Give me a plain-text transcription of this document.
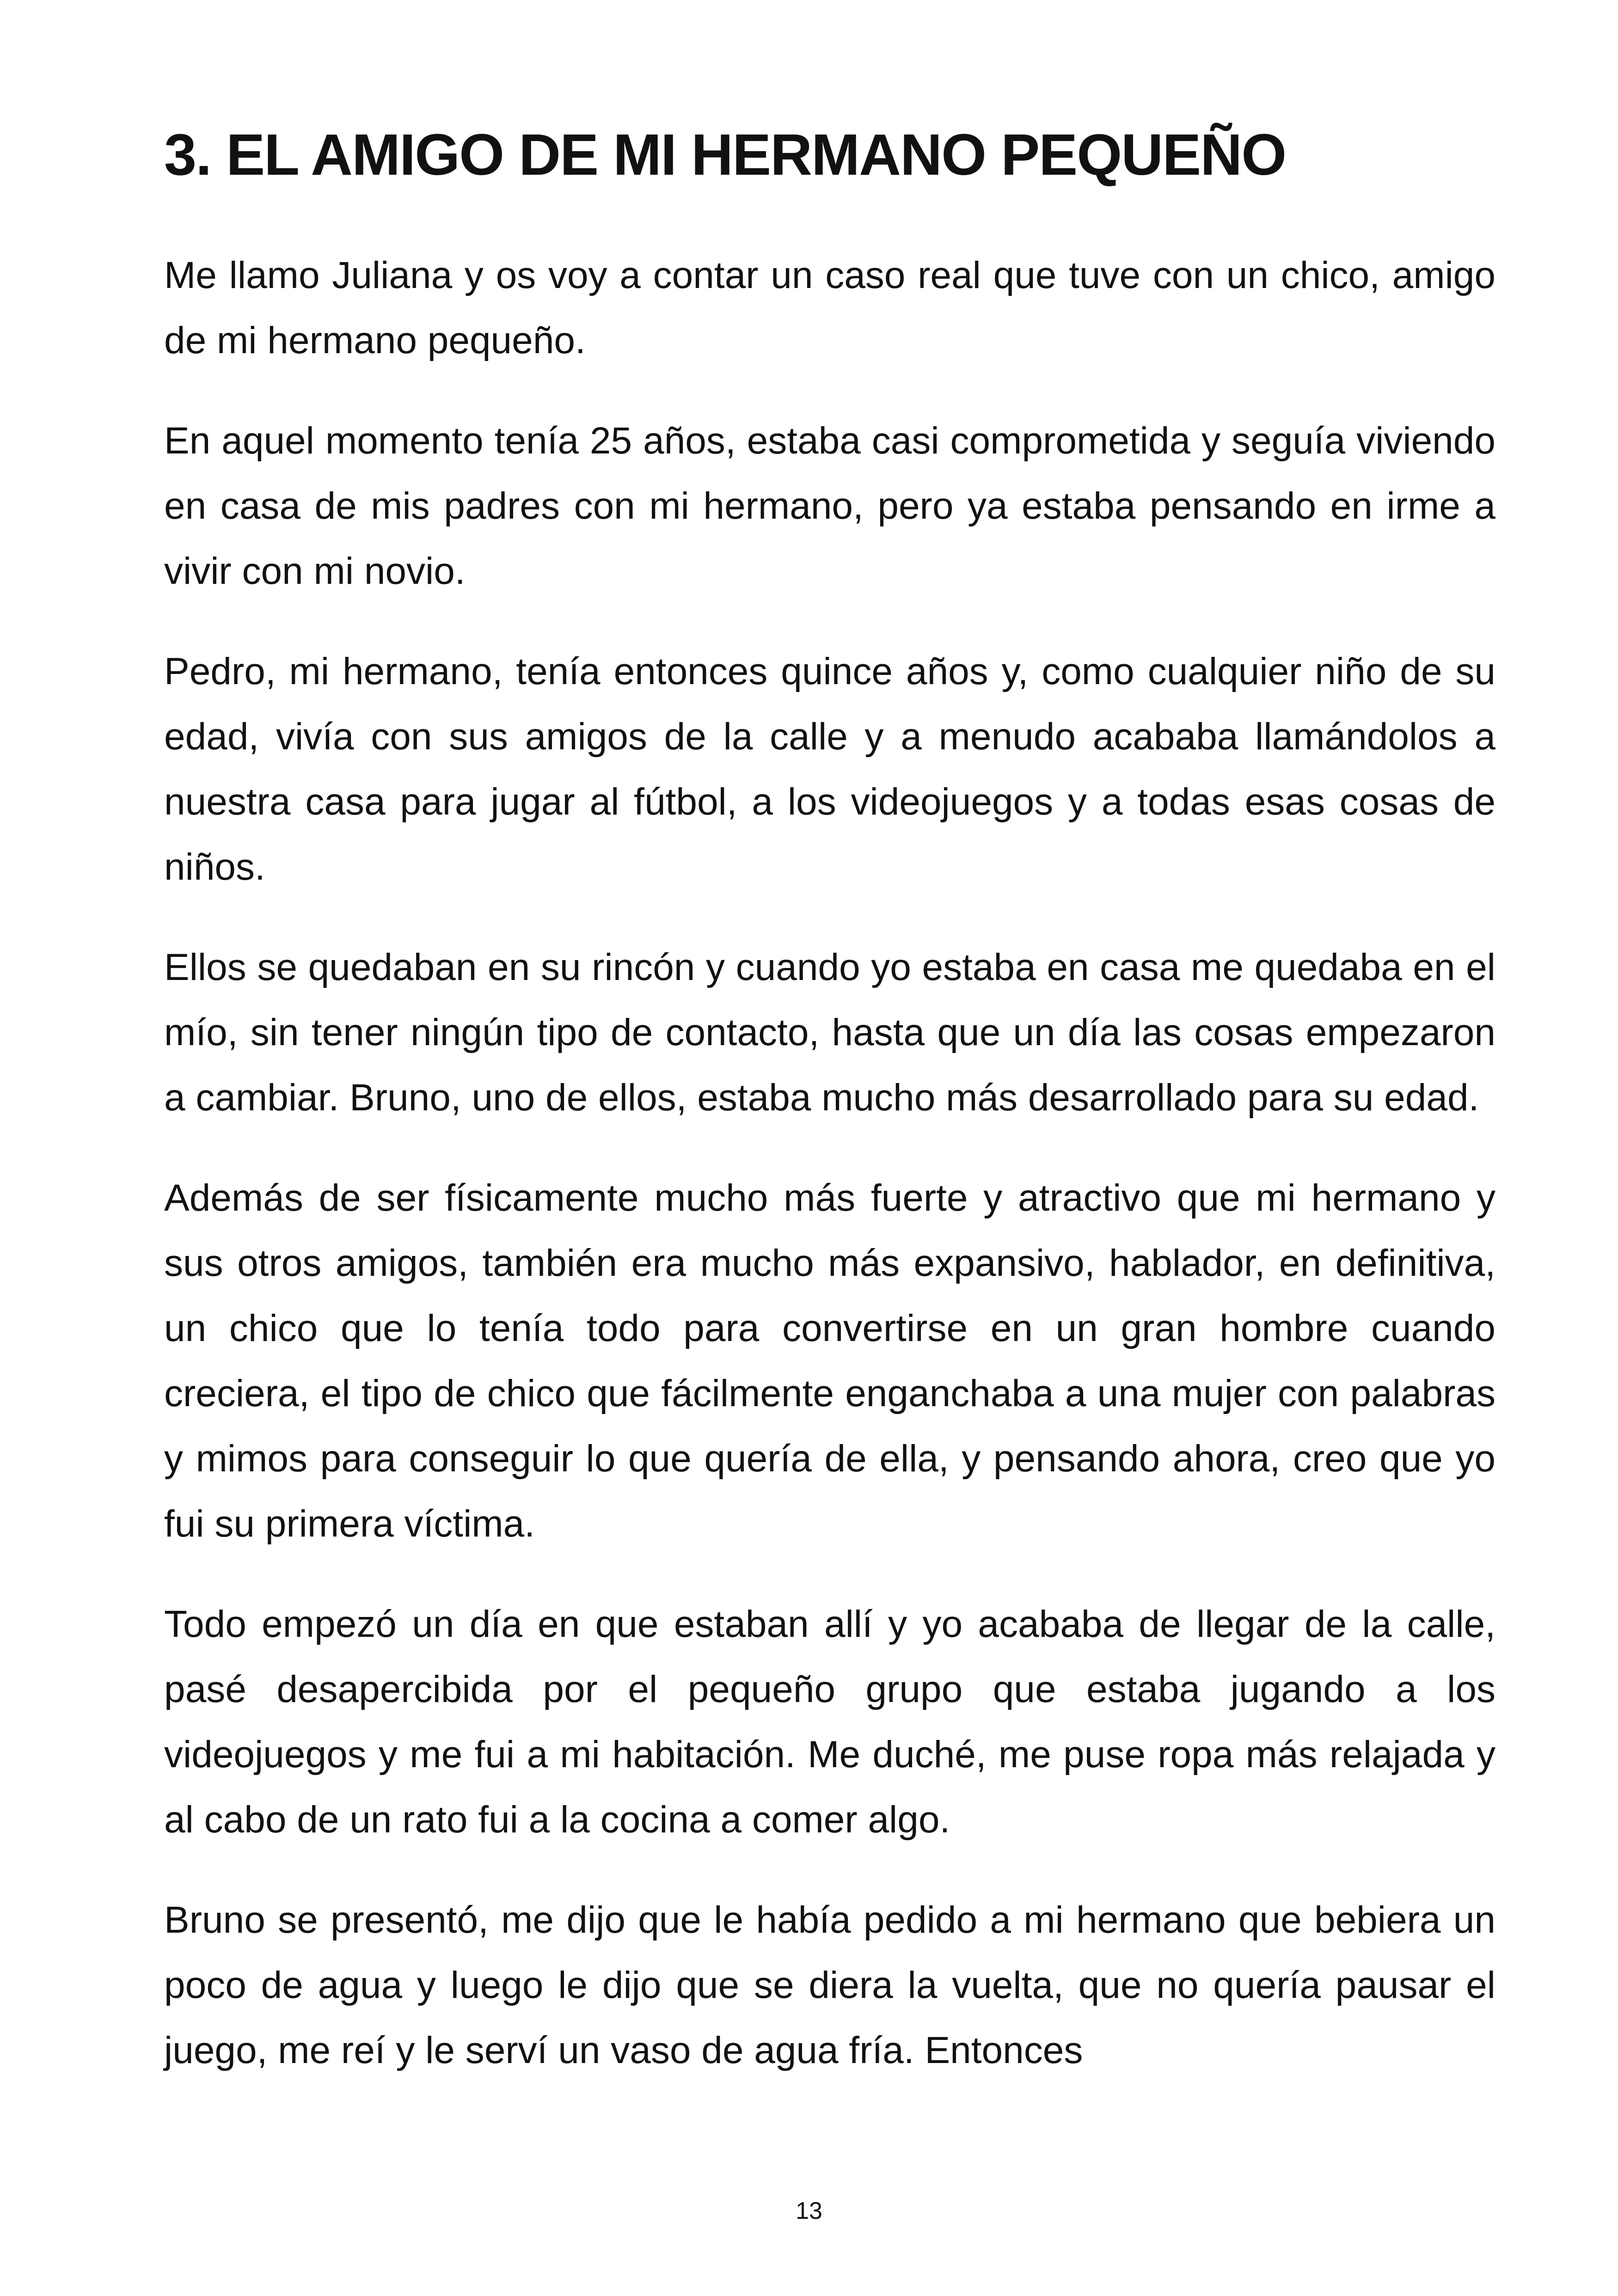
3. EL AMIGO DE MI HERMANO PEQUEÑO

Me llamo Juliana y os voy a contar un caso real que tuve con un chico, amigo de mi hermano pequeño.

En aquel momento tenía 25 años, estaba casi comprometida y seguía viviendo en casa de mis padres con mi hermano, pero ya estaba pensando en irme a vivir con mi novio.

Pedro, mi hermano, tenía entonces quince años y, como cualquier niño de su edad, vivía con sus amigos de la calle y a menudo acababa llamándolos a nuestra casa para jugar al fútbol, a los videojuegos y a todas esas cosas de niños.

Ellos se quedaban en su rincón y cuando yo estaba en casa me quedaba en el mío, sin tener ningún tipo de contacto, hasta que un día las cosas empezaron a cambiar. Bruno, uno de ellos, estaba mucho más desarrollado para su edad.

Además de ser físicamente mucho más fuerte y atractivo que mi hermano y sus otros amigos, también era mucho más expansivo, hablador, en definitiva, un chico que lo tenía todo para convertirse en un gran hombre cuando creciera, el tipo de chico que fácilmente enganchaba a una mujer con palabras y mimos para conseguir lo que quería de ella, y pensando ahora, creo que yo fui su primera víctima.

Todo empezó un día en que estaban allí y yo acababa de llegar de la calle, pasé desapercibida por el pequeño grupo que estaba jugando a los videojuegos y me fui a mi habitación. Me duché, me puse ropa más relajada y al cabo de un rato fui a la cocina a comer algo.

Bruno se presentó, me dijo que le había pedido a mi hermano que bebiera un poco de agua y luego le dijo que se diera la vuelta, que no quería pausar el juego, me reí y le serví un vaso de agua fría. Entonces

13
